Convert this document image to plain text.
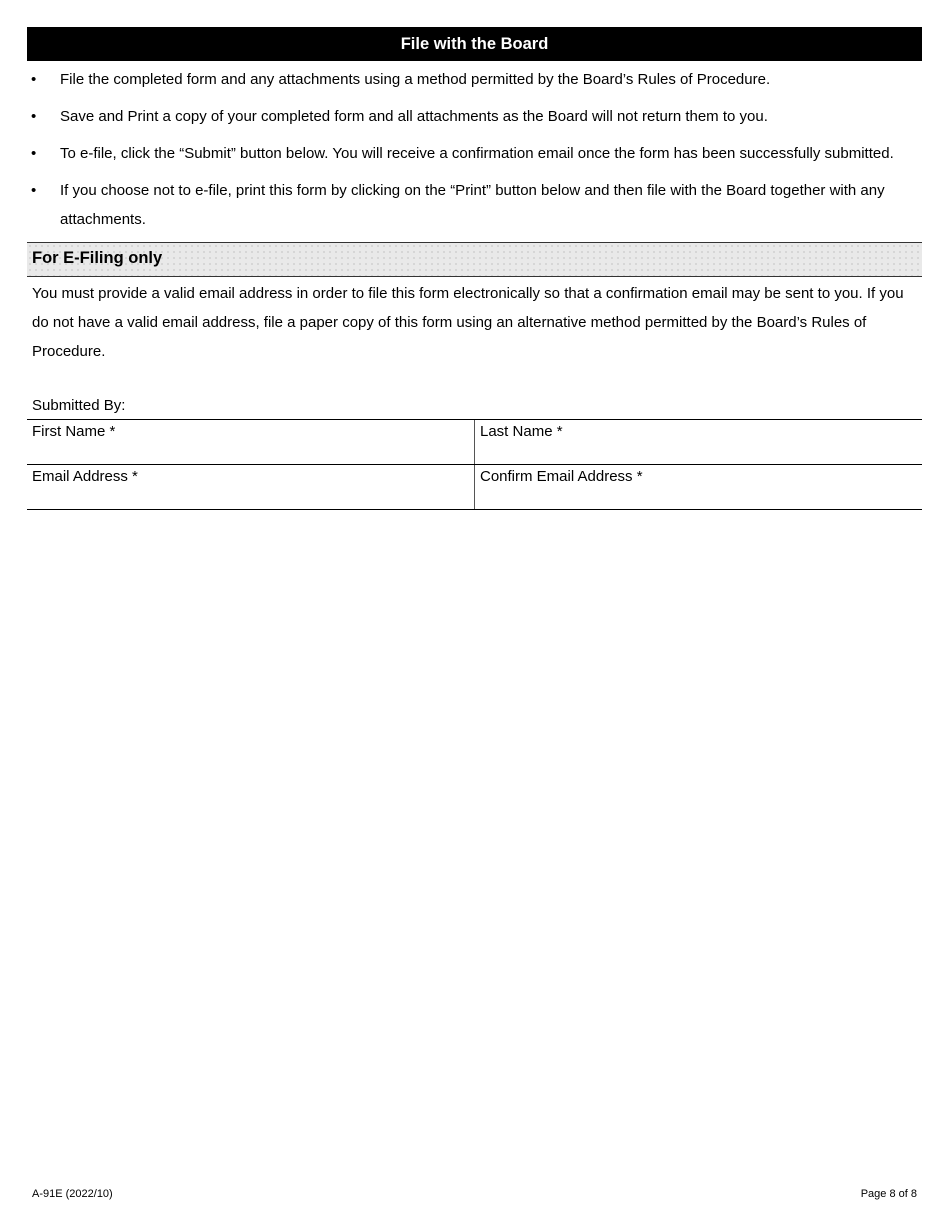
File with the Board
• File the completed form and any attachments using a method permitted by the Board’s Rules of Procedure.
• Save and Print a copy of your completed form and all attachments as the Board will not return them to you.
• To e-file, click the “Submit” button below. You will receive a confirmation email once the form has been successfully submitted.
• If you choose not to e-file, print this form by clicking on the “Print” button below and then file with the Board together with any attachments.
For E-Filing only

You must provide a valid email address in order to file this form electronically so that a confirmation email may be sent to you. If you do not have a valid email address, file a paper copy of this form using an alternative method permitted by the Board’s Rules of Procedure.

Submitted By:
First Name *	Last Name *
Email Address *	Confirm Email Address *
A-91E (2022/10)	Page 8 of 8
